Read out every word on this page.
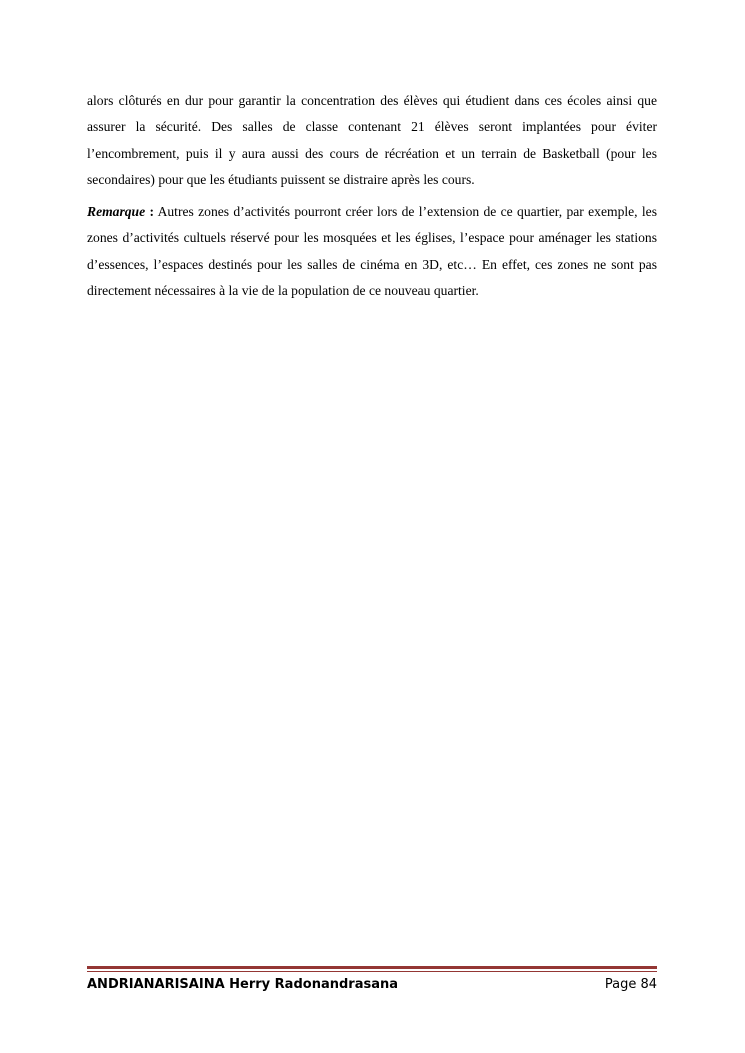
alors clôturés en dur pour garantir la concentration des élèves qui étudient dans ces écoles ainsi que assurer la sécurité. Des salles de classe contenant 21 élèves seront implantées pour éviter l’encombrement, puis il y aura aussi des cours de récréation et un terrain de Basketball (pour les secondaires) pour que les étudiants puissent se distraire après les cours.

Remarque : Autres zones d’activités pourront créer lors de l’extension de ce quartier, par exemple, les zones d’activités cultuels réservé pour les mosquées et les églises, l’espace pour aménager les stations d’essences, l’espaces destinés pour les salles de cinéma en 3D, etc… En effet, ces zones ne sont pas directement nécessaires à la vie de la population de ce nouveau quartier.

ANDRIANARISAINA Herry Radonandrasana	Page 84
